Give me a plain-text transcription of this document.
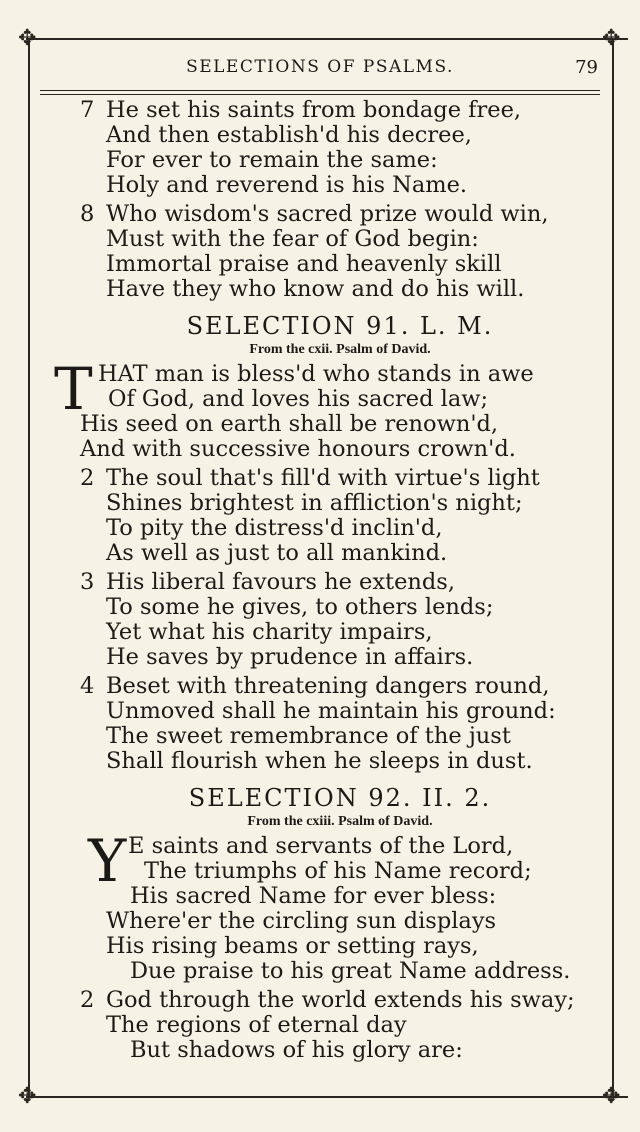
✥	✥
✥	✥
SELECTIONS OF PSALMS.	79
7 He set his saints from bondage free,
And then establish'd his decree,
For ever to remain the same:
Holy and reverend is his Name.
8 Who wisdom's sacred prize would win,
Must with the fear of God begin:
Immortal praise and heavenly skill
Have they who know and do his will.
SELECTION 91. L. M.
From the cxii. Psalm of David.
T HAT man is bless'd who stands in awe
Of God, and loves his sacred law;
His seed on earth shall be renown'd,
And with successive honours crown'd.
2 The soul that's fill'd with virtue's light
Shines brightest in affliction's night;
To pity the distress'd inclin'd,
As well as just to all mankind.
3 His liberal favours he extends,
To some he gives, to others lends;
Yet what his charity impairs,
He saves by prudence in affairs.
4 Beset with threatening dangers round,
Unmoved shall he maintain his ground:
The sweet remembrance of the just
Shall flourish when he sleeps in dust.
SELECTION 92. II. 2.
From the cxiii. Psalm of David.
Y E saints and servants of the Lord,
The triumphs of his Name record;
His sacred Name for ever bless:
Where'er the circling sun displays
His rising beams or setting rays,
Due praise to his great Name address.
2 God through the world extends his sway;
The regions of eternal day
But shadows of his glory are:
